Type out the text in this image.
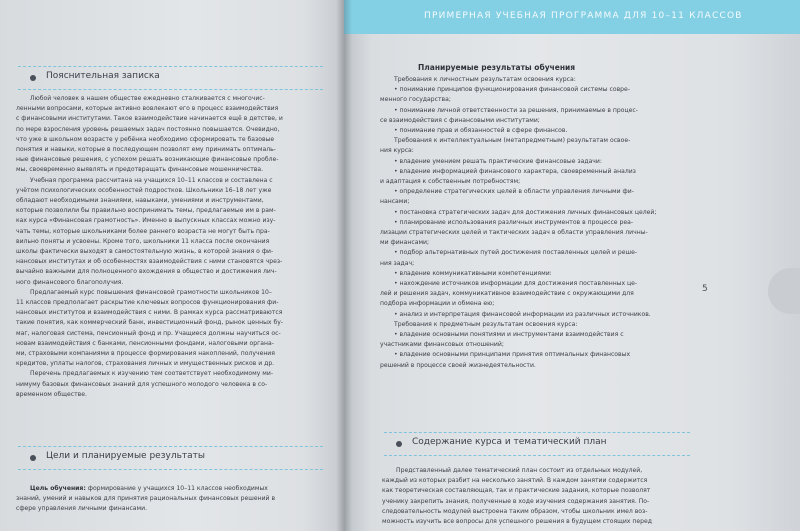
Пояснительная записка
Любой человек в нашем обществе ежедневно сталкивается с многочис-
ленными вопросами, которые активно вовлекают его в процесс взаимодействия
с финансовыми институтами. Такое взаимодействие начинается ещё в детстве, и
по мере взросления уровень решаемых задач постоянно повышается. Очевидно,
что уже в школьном возрасте у ребёнка необходимо сформировать те базовые
понятия и навыки, которые в последующем позволят ему принимать оптималь-
ные финансовые решения, с успехом решать возникающие финансовые пробле-
мы, своевременно выявлять и предотвращать финансовые мошенничества.
Учебная программа рассчитана на учащихся 10–11 классов и составлена с
учётом психологических особенностей подростков. Школьники 16–18 лет уже
обладают необходимыми знаниями, навыками, умениями и инструментами,
которые позволили бы правильно воспринимать темы, предлагаемые им в рам-
ках курса «Финансовая грамотность». Именно в выпускных классах можно изу-
чать темы, которые школьниками более раннего возраста не могут быть пра-
вильно поняты и усвоены. Кроме того, школьники 11 класса после окончания
школы фактически выходят в самостоятельную жизнь, в которой знания о фи-
нансовых институтах и об особенностях взаимодействия с ними становятся чрез-
вычайно важными для полноценного вхождения в общество и достижения лич-
ного финансового благополучия.
Предлагаемый курс повышения финансовой грамотности школьников 10–
11 классов предполагает раскрытие ключевых вопросов функционирования фи-
нансовых институтов и взаимодействия с ними. В рамках курса рассматриваются
такие понятия, как коммерческий банк, инвестиционный фонд, рынок ценных бу-
маг, налоговая система, пенсионный фонд и пр. Учащиеся должны научиться ос-
новам взаимодействия с банками, пенсионными фондами, налоговыми органа-
ми, страховыми компаниями в процессе формирования накоплений, получения
кредитов, уплаты налогов, страхования личных и имущественных рисков и др.
Перечень предлагаемых к изучению тем соответствует необходимому ми-
нимуму базовых финансовых знаний для успешного молодого человека в со-
временном обществе.
Цели и планируемые результаты
Цель обучения: формирование у учащихся 10–11 классов необходимых
знаний, умений и навыков для принятия рациональных финансовых решений в
сфере управления личными финансами.
ПРИМЕРНАЯ УЧЕБНАЯ ПРОГРАММА ДЛЯ 10–11 КЛАССОВ
5
Планируемые результаты обучения
Требования к личностным результатам освоения курса:
• понимание принципов функционирования финансовой системы совре-
менного государства;
• понимание личной ответственности за решения, принимаемые в процес-
се взаимодействия с финансовыми институтами;
• понимание прав и обязанностей в сфере финансов.
Требования к интеллектуальным (метапредметным) результатам освое-
ния курса:
• владение умением решать практические финансовые задачи:
• владение информацией финансового характера, своевременный анализ
и адаптация к собственным потребностям;
• определение стратегических целей в области управления личными фи-
нансами;
• постановка стратегических задач для достижения личных финансовых целей;
• планирование использования различных инструментов в процессе реа-
лизации стратегических целей и тактических задач в области управления личны-
ми финансами;
• подбор альтернативных путей достижения поставленных целей и реше-
ния задач;
• владение коммуникативными компетенциями:
• нахождение источников информации для достижения поставленных це-
лей и решения задач, коммуникативное взаимодействие с окружающими для
подбора информации и обмена ею;
• анализ и интерпретация финансовой информации из различных источников.
Требования к предметным результатам освоения курса:
• владение основными понятиями и инструментами взаимодействия с
участниками финансовых отношений;
• владение основными принципами принятия оптимальных финансовых
решений в процессе своей жизнедеятельности.
Содержание курса и тематический план
Представленный далее тематический план состоит из отдельных модулей,
каждый из которых разбит на несколько занятий. В каждом занятии содержится
как теоретическая составляющая, так и практические задания, которые позволят
ученику закрепить знания, полученные в ходе изучения содержания занятия. По-
следовательность модулей выстроена таким образом, чтобы школьник имел воз-
можность изучить все вопросы для успешного решения в будущем стоящих перед
